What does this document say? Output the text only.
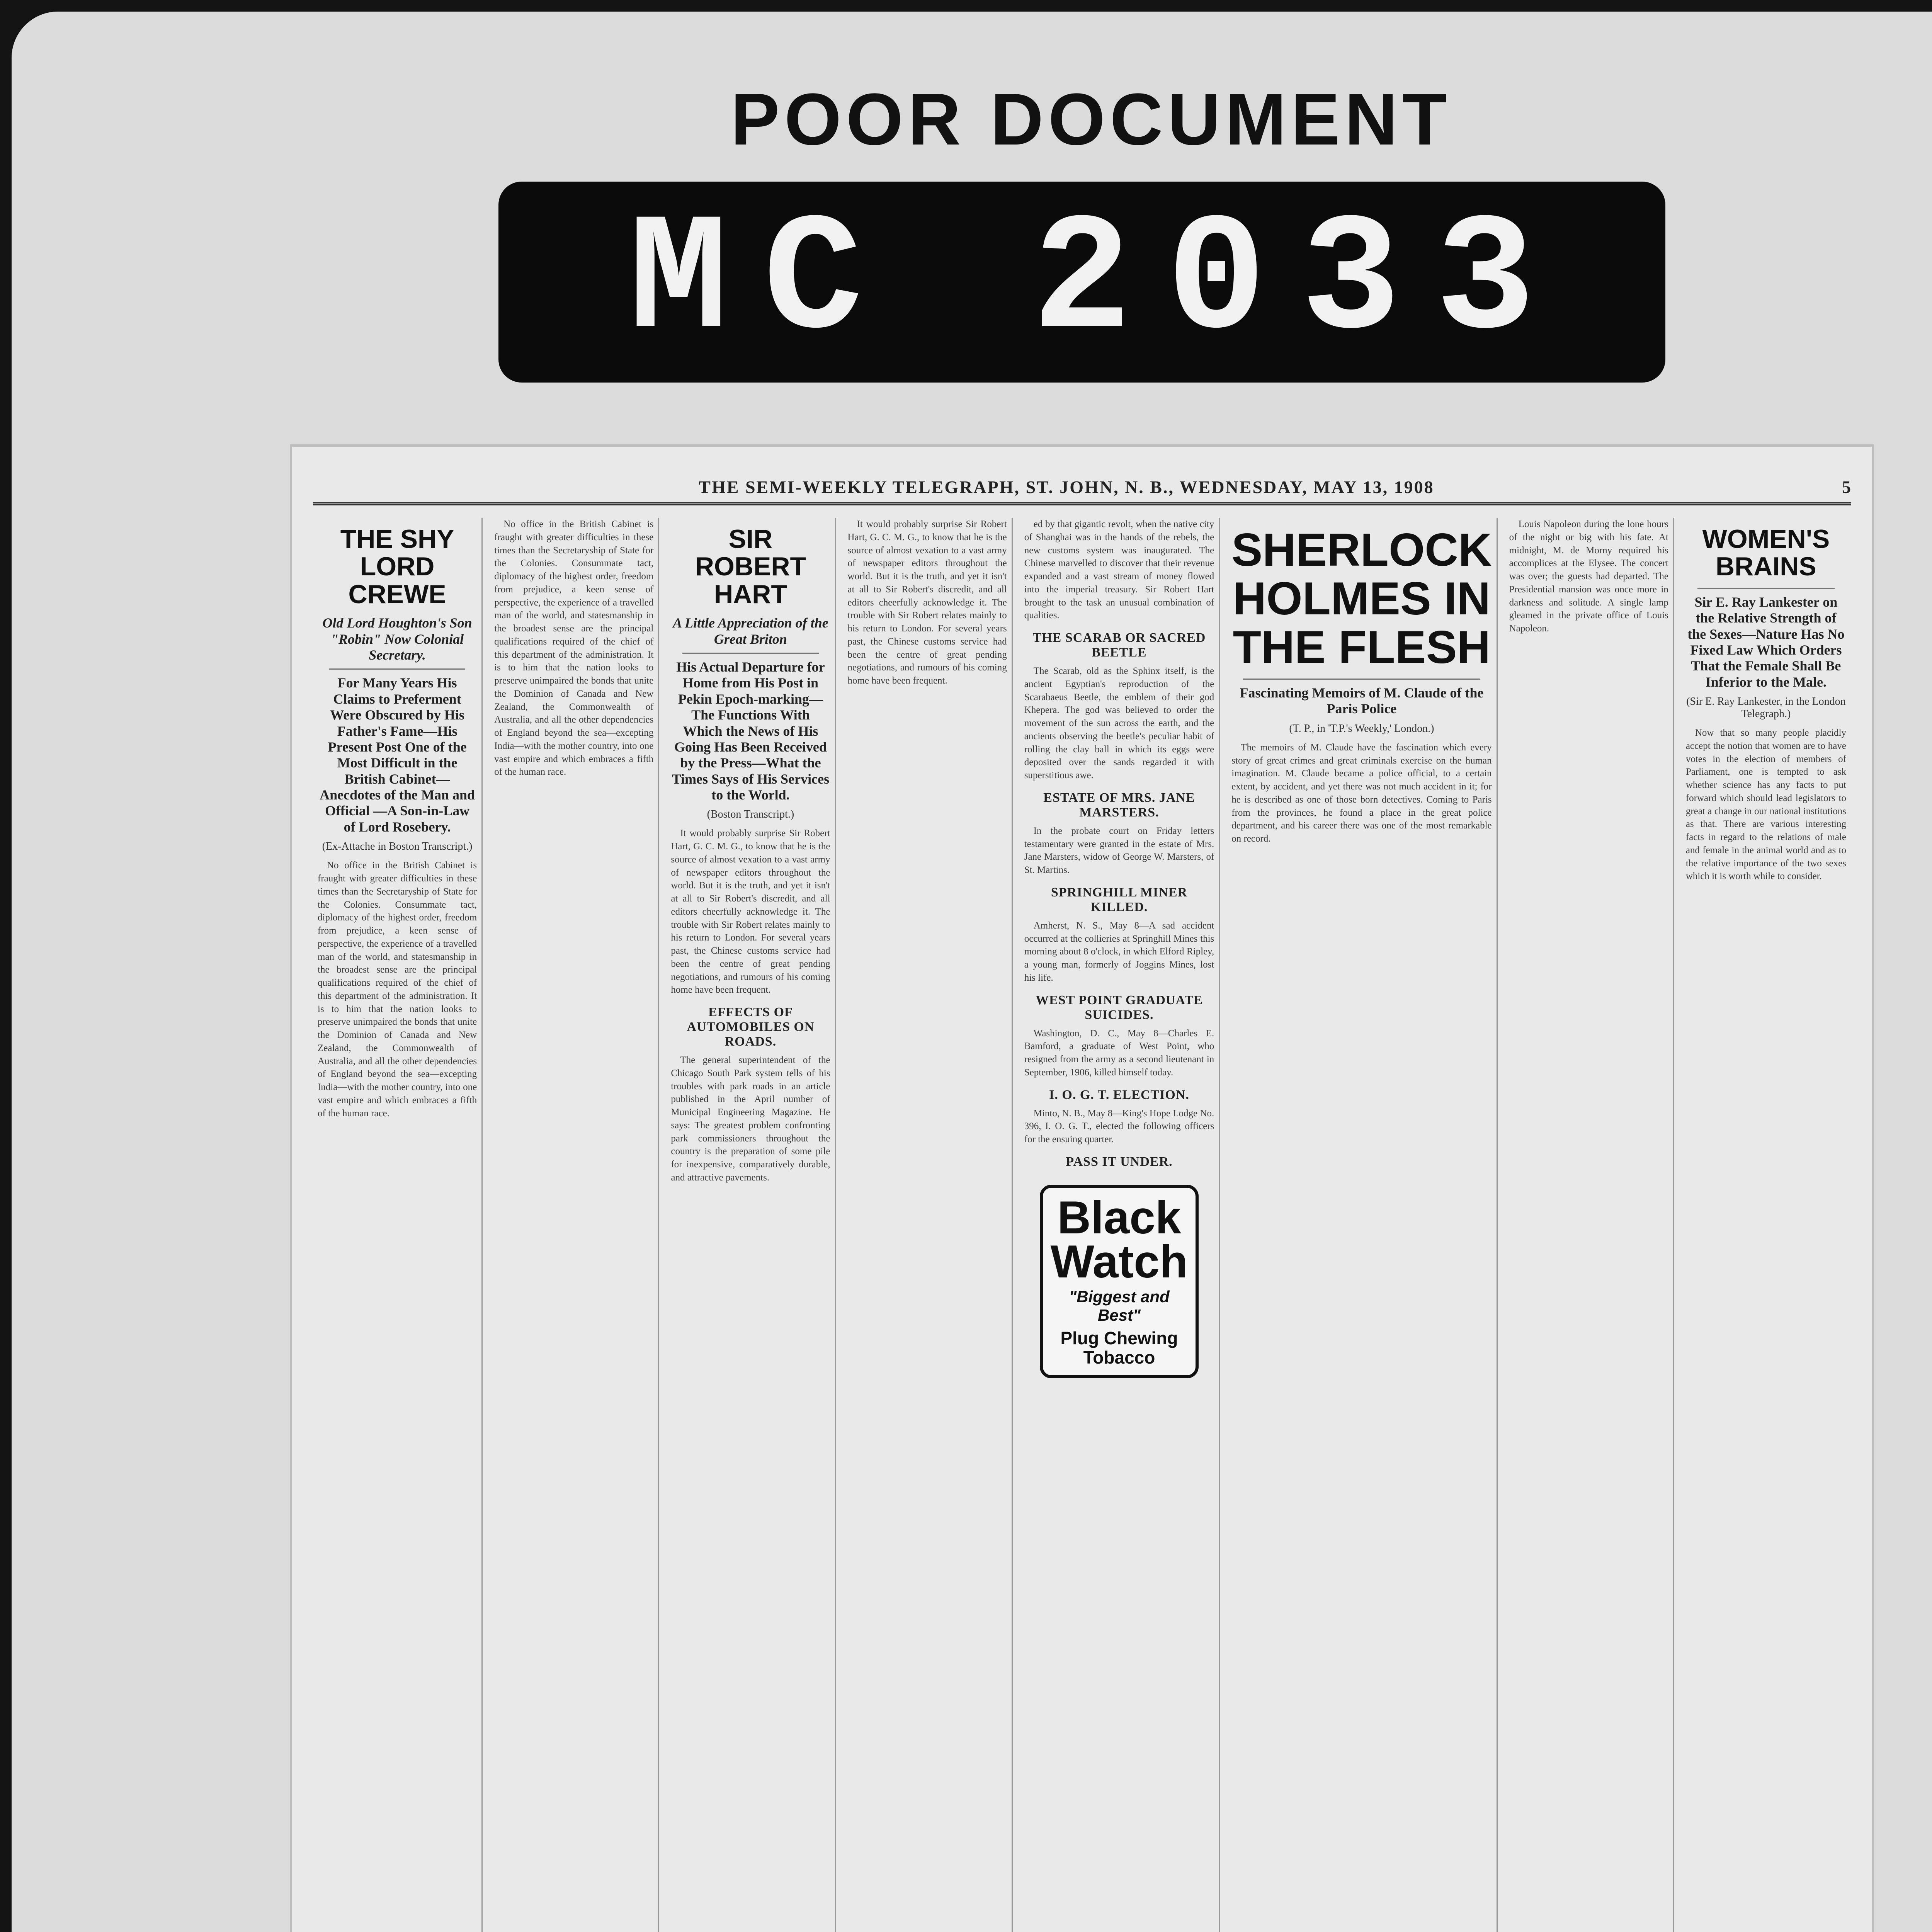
POOR DOCUMENT
MC 2033
THE SEMI-WEEKLY TELEGRAPH, ST. JOHN, N. B., WEDNESDAY, MAY 13, 1908	5
THE SHY LORD CREWE
Old Lord Houghton's Son "Robin" Now Colonial Secretary.
For Many Years His Claims to Preferment Were Obscured by His Father's Fame—His Present Post One of the Most Difficult in the British Cabinet—Anecdotes of the Man and Official —A Son-in-Law of Lord Rosebery.
(Ex-Attache in Boston Transcript.)

No office in the British Cabinet is fraught with greater difficulties in these times than the Secretaryship of State for the Colonies. Consummate tact, diplomacy of the highest order, freedom from prejudice, a keen sense of perspective, the experience of a travelled man of the world, and statesmanship in the broadest sense are the principal qualifications required of the chief of this department of the administration. It is to him that the nation looks to preserve unimpaired the bonds that unite the Dominion of Canada and New Zealand, the Commonwealth of Australia, and all the other dependencies of England beyond the sea—excepting India—with the mother country, into one vast empire and which embraces a fifth of the human race.

No office in the British Cabinet is fraught with greater difficulties in these times than the Secretaryship of State for the Colonies. Consummate tact, diplomacy of the highest order, freedom from prejudice, a keen sense of perspective, the experience of a travelled man of the world, and statesmanship in the broadest sense are the principal qualifications required of the chief of this department of the administration. It is to him that the nation looks to preserve unimpaired the bonds that unite the Dominion of Canada and New Zealand, the Commonwealth of Australia, and all the other dependencies of England beyond the sea—excepting India—with the mother country, into one vast empire and which embraces a fifth of the human race.

SIR ROBERT HART
A Little Appreciation of the Great Briton
His Actual Departure for Home from His Post in Pekin Epoch-marking—The Functions With Which the News of His Going Has Been Received by the Press—What the Times Says of His Services to the World.
(Boston Transcript.)

It would probably surprise Sir Robert Hart, G. C. M. G., to know that he is the source of almost vexation to a vast army of newspaper editors throughout the world. But it is the truth, and yet it isn't at all to Sir Robert's discredit, and all editors cheerfully acknowledge it. The trouble with Sir Robert relates mainly to his return to London. For several years past, the Chinese customs service had been the centre of great pending negotiations, and rumours of his coming home have been frequent.

EFFECTS OF AUTOMOBILES ON ROADS.

The general superintendent of the Chicago South Park system tells of his troubles with park roads in an article published in the April number of Municipal Engineering Magazine. He says: The greatest problem confronting park commissioners throughout the country is the preparation of some pile for inexpensive, comparatively durable, and attractive pavements.

It would probably surprise Sir Robert Hart, G. C. M. G., to know that he is the source of almost vexation to a vast army of newspaper editors throughout the world. But it is the truth, and yet it isn't at all to Sir Robert's discredit, and all editors cheerfully acknowledge it. The trouble with Sir Robert relates mainly to his return to London. For several years past, the Chinese customs service had been the centre of great pending negotiations, and rumours of his coming home have been frequent.

ed by that gigantic revolt, when the native city of Shanghai was in the hands of the rebels, the new customs system was inaugurated. The Chinese marvelled to discover that their revenue expanded and a vast stream of money flowed into the imperial treasury. Sir Robert Hart brought to the task an unusual combination of qualities.

THE SCARAB OR SACRED BEETLE

The Scarab, old as the Sphinx itself, is the ancient Egyptian's reproduction of the Scarabaeus Beetle, the emblem of their god Khepera. The god was believed to order the movement of the sun across the earth, and the ancients observing the beetle's peculiar habit of rolling the clay ball in which its eggs were deposited over the sands regarded it with superstitious awe.

ESTATE OF MRS. JANE MARSTERS.

In the probate court on Friday letters testamentary were granted in the estate of Mrs. Jane Marsters, widow of George W. Marsters, of St. Martins.

SPRINGHILL MINER KILLED.

Amherst, N. S., May 8—A sad accident occurred at the collieries at Springhill Mines this morning about 8 o'clock, in which Elford Ripley, a young man, formerly of Joggins Mines, lost his life.

WEST POINT GRADUATE SUICIDES.

Washington, D. C., May 8—Charles E. Bamford, a graduate of West Point, who resigned from the army as a second lieutenant in September, 1906, killed himself today.

I. O. G. T. ELECTION.

Minto, N. B., May 8—King's Hope Lodge No. 396, I. O. G. T., elected the following officers for the ensuing quarter.

PASS IT UNDER.
Black Watch
"Biggest and Best"
Plug Chewing Tobacco
SHERLOCK HOLMES IN THE FLESH
Fascinating Memoirs of M. Claude of the Paris Police
(T. P., in 'T.P.'s Weekly,' London.)

The memoirs of M. Claude have the fascination which every story of great crimes and great criminals exercise on the human imagination. M. Claude became a police official, to a certain extent, by accident, and yet there was not much accident in it; for he is described as one of those born detectives. Coming to Paris from the provinces, he found a place in the great police department, and his career there was one of the most remarkable on record.

Louis Napoleon during the lone hours of the night or big with his fate. At midnight, M. de Morny required his accomplices at the Elysee. The concert was over; the guests had departed. The Presidential mansion was once more in darkness and solitude. A single lamp gleamed in the private office of Louis Napoleon.

WOMEN'S BRAINS
Sir E. Ray Lankester on the Relative Strength of the Sexes—Nature Has No Fixed Law Which Orders That the Female Shall Be Inferior to the Male.
(Sir E. Ray Lankester, in the London Telegraph.)

Now that so many people placidly accept the notion that women are to have votes in the election of members of Parliament, one is tempted to ask whether science has any facts to put forward which should lead legislators to great a change in our national institutions as that. There are various interesting facts in regard to the relations of male and female in the animal world and as to the relative importance of the two sexes which it is worth while to consider.
